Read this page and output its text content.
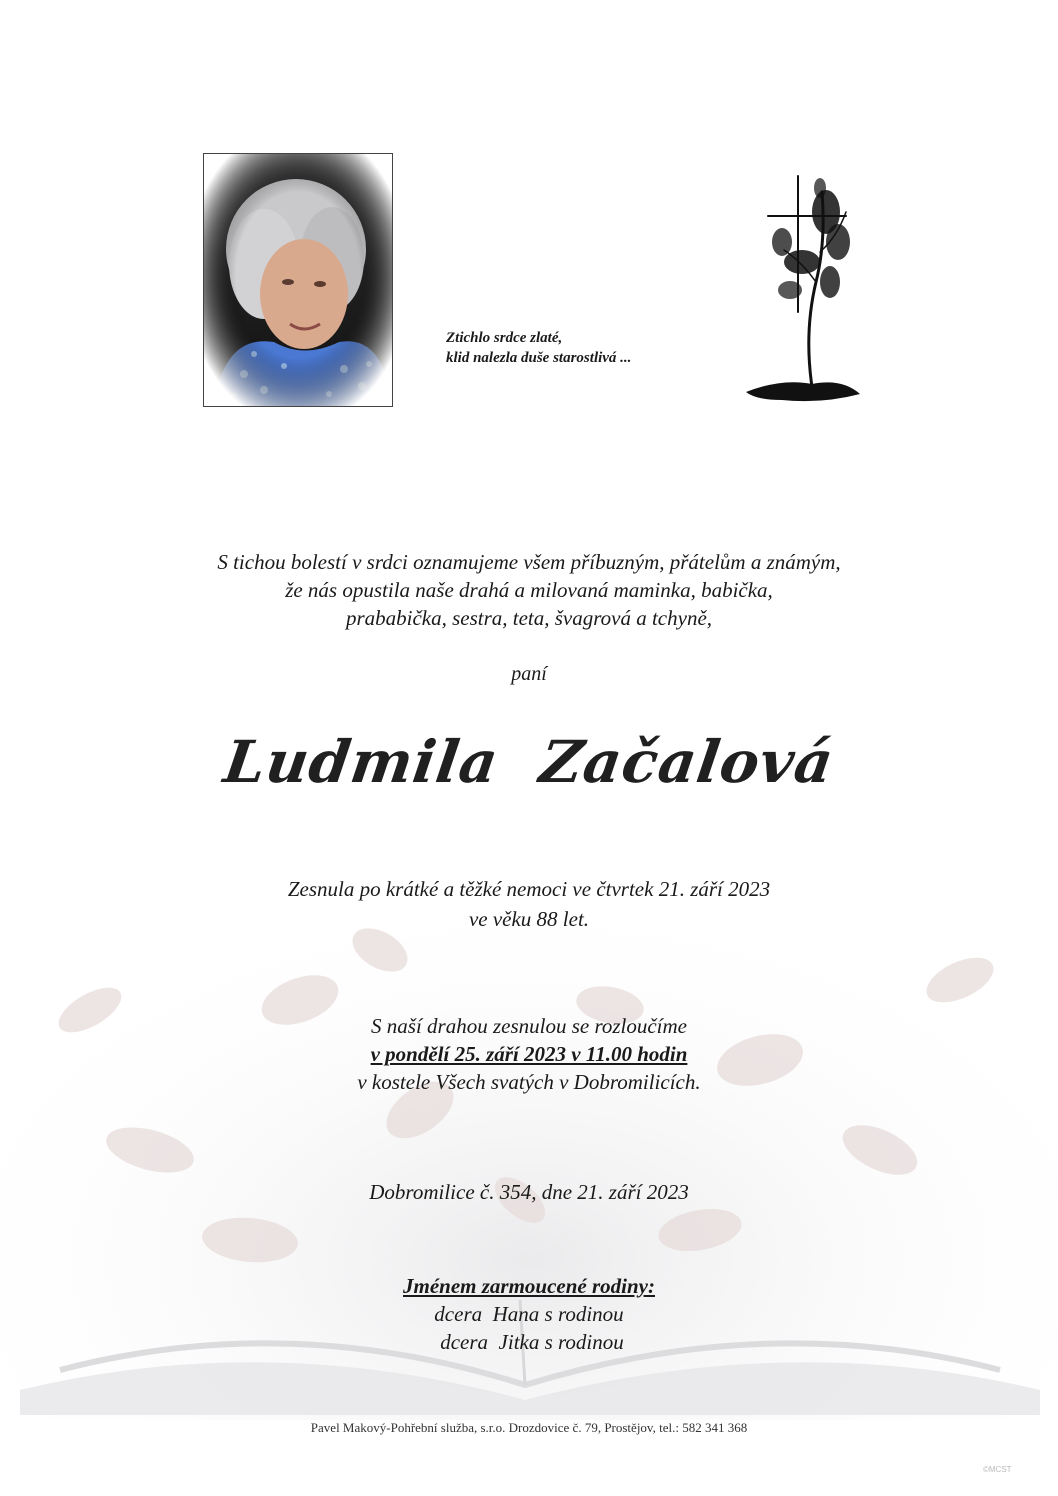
Ztichlo srdce zlaté,
klid nalezla duše starostlivá ...
S tichou bolestí v srdci oznamujeme všem příbuzným, přátelům a známým,
že nás opustila naše drahá a milovaná maminka, babička,
prababička, sestra, teta, švagrová a tchyně,
paní
Ludmila  Začalová
Zesnula po krátké a těžké nemoci ve čtvrtek 21. září 2023
ve věku 88 let.
S naší drahou zesnulou se rozloučíme
v pondělí 25. září 2023 v 11.00 hodin
v kostele Všech svatých v Dobromilicích.
Dobromilice č. 354, dne 21. září 2023
Jménem zarmoucené rodiny:
dcera  Hana s rodinou
dcera  Jitka s rodinou
Pavel Makový-Pohřební služba, s.r.o. Drozdovice č. 79, Prostějov, tel.: 582 341 368
©MCST
